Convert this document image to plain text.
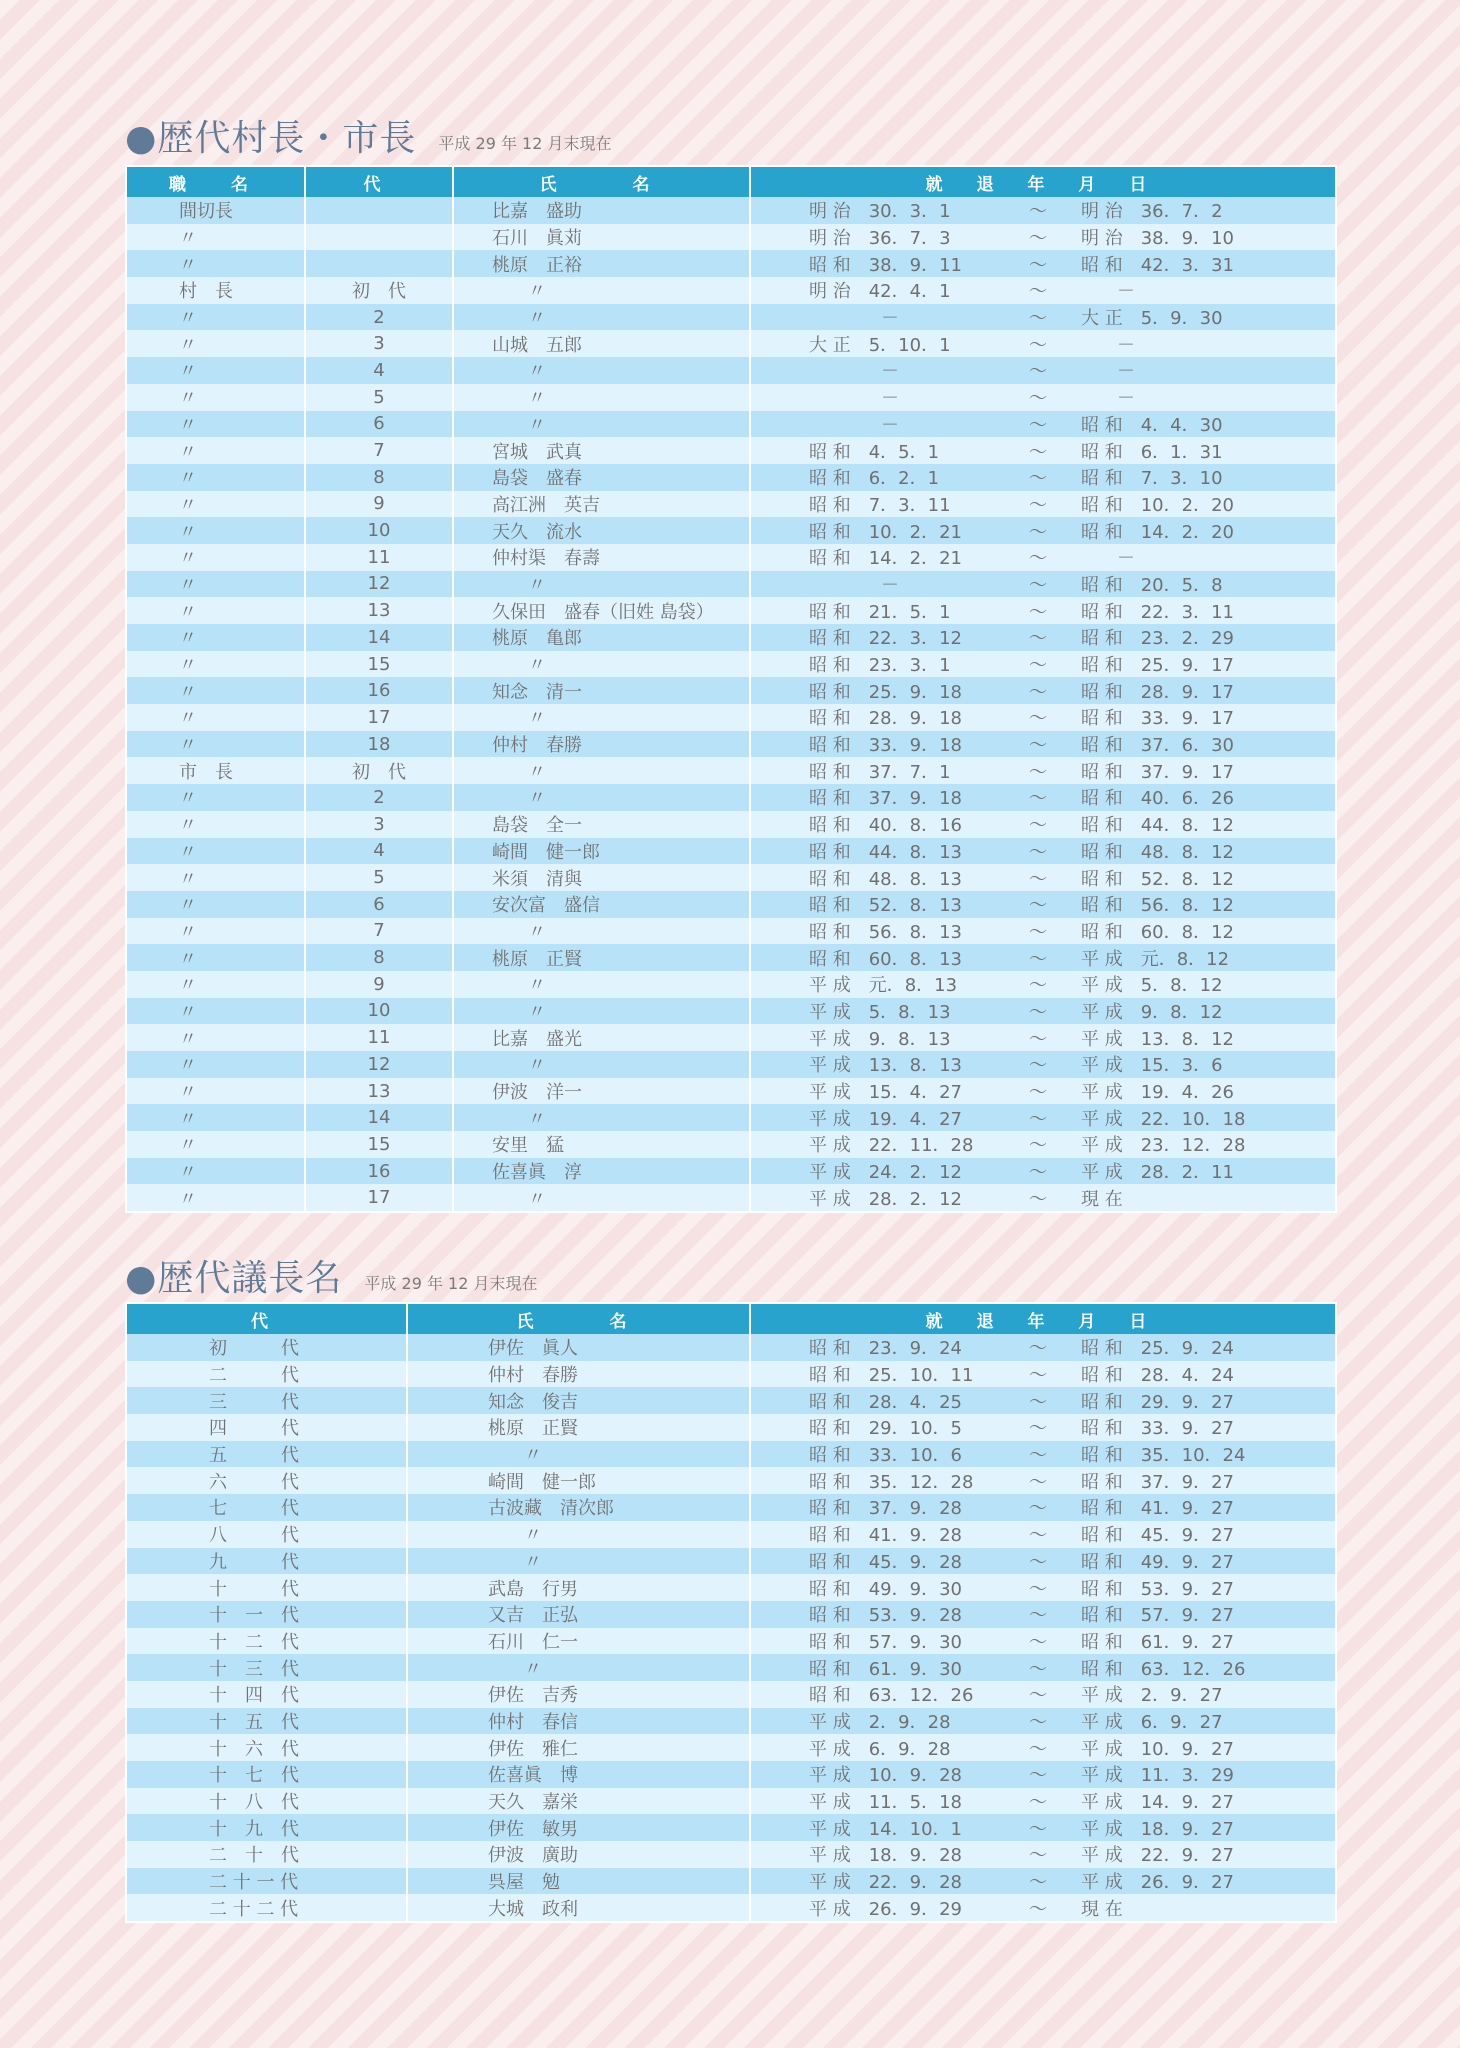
●歴代村長・市長 平成 29 年 12 月末現在
職　名	代	氏　　名	就 退 年 月 日
間切長		比嘉　盛助	明 治　30．3．1 ～ 明 治　36．7．2
〃		石川　眞苅	明 治　36．7．3 ～ 明 治　38．9．10
〃		桃原　正裕	昭 和　38．9．11 ～ 昭 和　42．3．31
村　長	初　代	　　〃	明 治　42．4．1 ～　　－
〃	2	　　〃	　　　　－ ～ 大 正　5．9．30
〃	3	山城　五郎	大 正　5．10．1 ～　　－
〃	4	　　〃	　　　　－ ～　　－
〃	5	　　〃	　　　　－ ～　　－
〃	6	　　〃	　　　　－ ～ 昭 和　4．4．30
〃	7	宮城　武真	昭 和　4．5．1 ～ 昭 和　6．1．31
〃	8	島袋　盛春	昭 和　6．2．1 ～ 昭 和　7．3．10
〃	9	高江洲　英吉	昭 和　7．3．11 ～ 昭 和　10．2．20
〃	10	天久　流水	昭 和　10．2．21 ～ 昭 和　14．2．20
〃	11	仲村渠　春壽	昭 和　14．2．21 ～　　－
〃	12	　　〃	　　　　－ ～ 昭 和　20．5．8
〃	13	久保田　盛春（旧姓 島袋）	昭 和　21．5．1 ～ 昭 和　22．3．11
〃	14	桃原　亀郎	昭 和　22．3．12 ～ 昭 和　23．2．29
〃	15	　　〃	昭 和　23．3．1 ～ 昭 和　25．9．17
〃	16	知念　清一	昭 和　25．9．18 ～ 昭 和　28．9．17
〃	17	　　〃	昭 和　28．9．18 ～ 昭 和　33．9．17
〃	18	仲村　春勝	昭 和　33．9．18 ～ 昭 和　37．6．30
市　長	初　代	　　〃	昭 和　37．7．1 ～ 昭 和　37．9．17
〃	2	　　〃	昭 和　37．9．18 ～ 昭 和　40．6．26
〃	3	島袋　全一	昭 和　40．8．16 ～ 昭 和　44．8．12
〃	4	崎間　健一郎	昭 和　44．8．13 ～ 昭 和　48．8．12
〃	5	米須　清與	昭 和　48．8．13 ～ 昭 和　52．8．12
〃	6	安次富　盛信	昭 和　52．8．13 ～ 昭 和　56．8．12
〃	7	　　〃	昭 和　56．8．13 ～ 昭 和　60．8．12
〃	8	桃原　正賢	昭 和　60．8．13 ～ 平 成　元．8．12
〃	9	　　〃	平 成　元．8．13 ～ 平 成　5．8．12
〃	10	　　〃	平 成　5．8．13 ～ 平 成　9．8．12
〃	11	比嘉　盛光	平 成　9．8．13 ～ 平 成　13．8．12
〃	12	　　〃	平 成　13．8．13 ～ 平 成　15．3．6
〃	13	伊波　洋一	平 成　15．4．27 ～ 平 成　19．4．26
〃	14	　　〃	平 成　19．4．27 ～ 平 成　22．10．18
〃	15	安里　猛	平 成　22．11．28 ～ 平 成　23．12．28
〃	16	佐喜眞　淳	平 成　24．2．12 ～ 平 成　28．2．11
〃	17	　　〃	平 成　28．2．12 ～ 現 在
●歴代議長名 平成 29 年 12 月末現在
代	氏　　名	就 退 年 月 日
初　　　代	伊佐　眞人	昭 和　23．9．24 ～ 昭 和　25．9．24
二　　　代	仲村　春勝	昭 和　25．10．11 ～ 昭 和　28．4．24
三　　　代	知念　俊吉	昭 和　28．4．25 ～ 昭 和　29．9．27
四　　　代	桃原　正賢	昭 和　29．10．5 ～ 昭 和　33．9．27
五　　　代	　　〃	昭 和　33．10．6 ～ 昭 和　35．10．24
六　　　代	崎間　健一郎	昭 和　35．12．28 ～ 昭 和　37．9．27
七　　　代	古波藏　清次郎	昭 和　37．9．28 ～ 昭 和　41．9．27
八　　　代	　　〃	昭 和　41．9．28 ～ 昭 和　45．9．27
九　　　代	　　〃	昭 和　45．9．28 ～ 昭 和　49．9．27
十　　　代	武島　行男	昭 和　49．9．30 ～ 昭 和　53．9．27
十　一　代	又吉　正弘	昭 和　53．9．28 ～ 昭 和　57．9．27
十　二　代	石川　仁一	昭 和　57．9．30 ～ 昭 和　61．9．27
十　三　代	　　〃	昭 和　61．9．30 ～ 昭 和　63．12．26
十　四　代	伊佐　吉秀	昭 和　63．12．26 ～ 平 成　2．9．27
十　五　代	仲村　春信	平 成　2．9．28 ～ 平 成　6．9．27
十　六　代	伊佐　雅仁	平 成　6．9．28 ～ 平 成　10．9．27
十　七　代	佐喜眞　博	平 成　10．9．28 ～ 平 成　11．3．29
十　八　代	天久　嘉栄	平 成　11．5．18 ～ 平 成　14．9．27
十　九　代	伊佐　敏男	平 成　14．10．1 ～ 平 成　18．9．27
二　十　代	伊波　廣助	平 成　18．9．28 ～ 平 成　22．9．27
二 十 一 代	呉屋　勉	平 成　22．9．28 ～ 平 成　26．9．27
二 十 二 代	大城　政利	平 成　26．9．29 ～ 現 在
